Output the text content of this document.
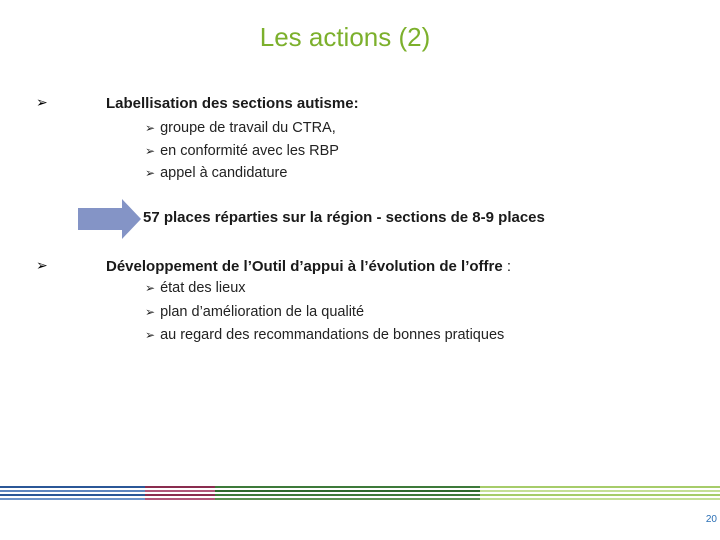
Les actions (2)
➢	Labellisation des sections autisme:
➢ groupe de travail du CTRA,
➢ en conformité avec les RBP
➢ appel à candidature
57 places réparties sur la région - sections de 8-9 places
➢	Développement de l’Outil d’appui à l’évolution de l’offre :
➢ état des lieux
➢ plan d’amélioration de la qualité
➢ au regard des recommandations de bonnes pratiques
20
